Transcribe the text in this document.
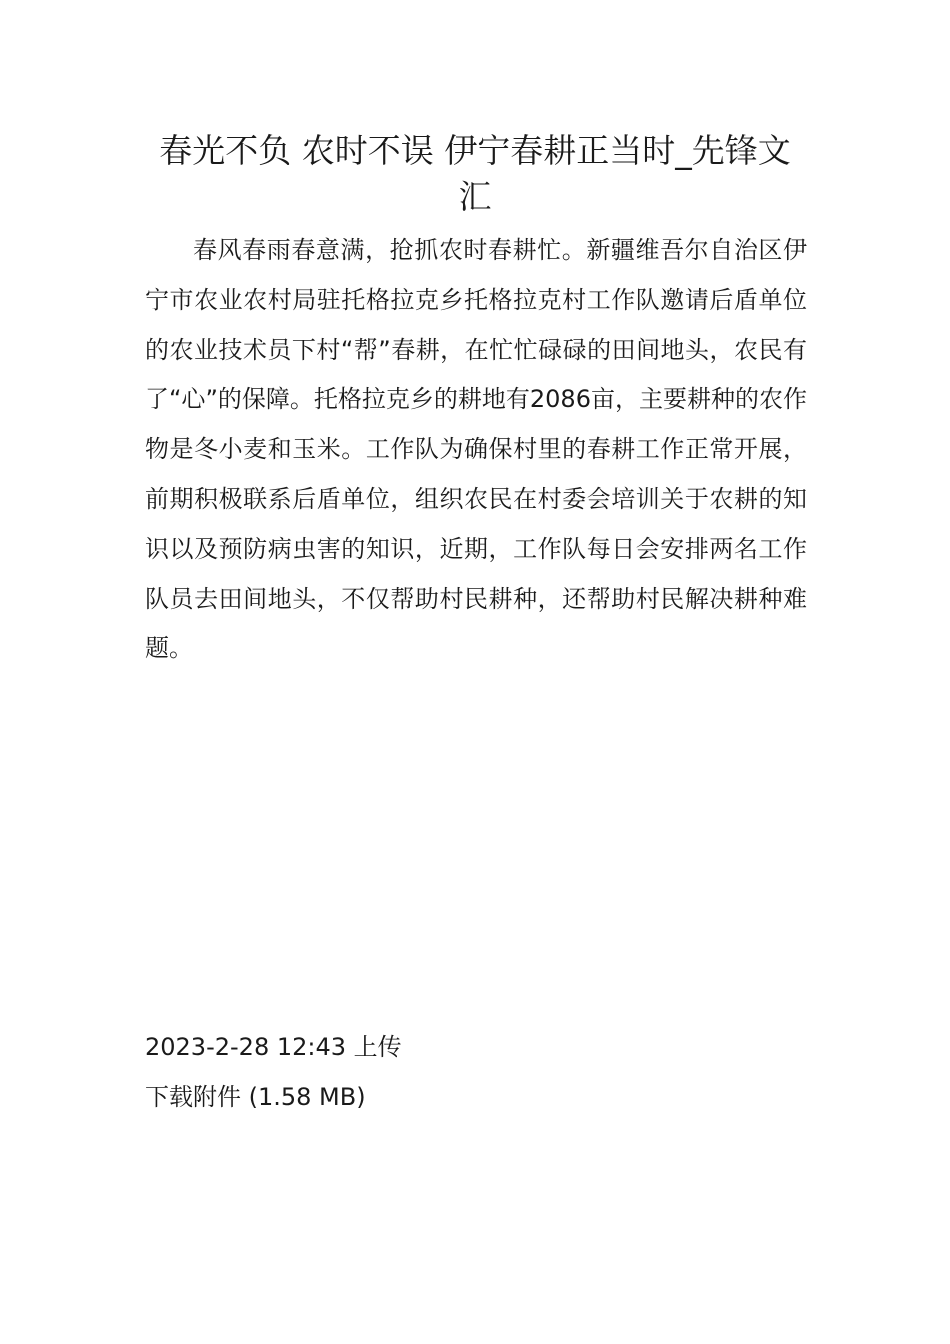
春光不负 农时不误 伊宁春耕正当时_先锋文汇

春风春雨春意满，抢抓农时春耕忙。新疆维吾尔自治区伊宁市农业农村局驻托格拉克乡托格拉克村工作队邀请后盾单位的农业技术员下村“帮”春耕，在忙忙碌碌的田间地头，农民有了“心”的保障。托格拉克乡的耕地有2086亩，主要耕种的农作物是冬小麦和玉米。工作队为确保村里的春耕工作正常开展，前期积极联系后盾单位，组织农民在村委会培训关于农耕的知识以及预防病虫害的知识，近期，工作队每日会安排两名工作队员去田间地头，不仅帮助村民耕种，还帮助村民解决耕种难题。

2023-2-28 12:43 上传
下载附件 (1.58 MB)
